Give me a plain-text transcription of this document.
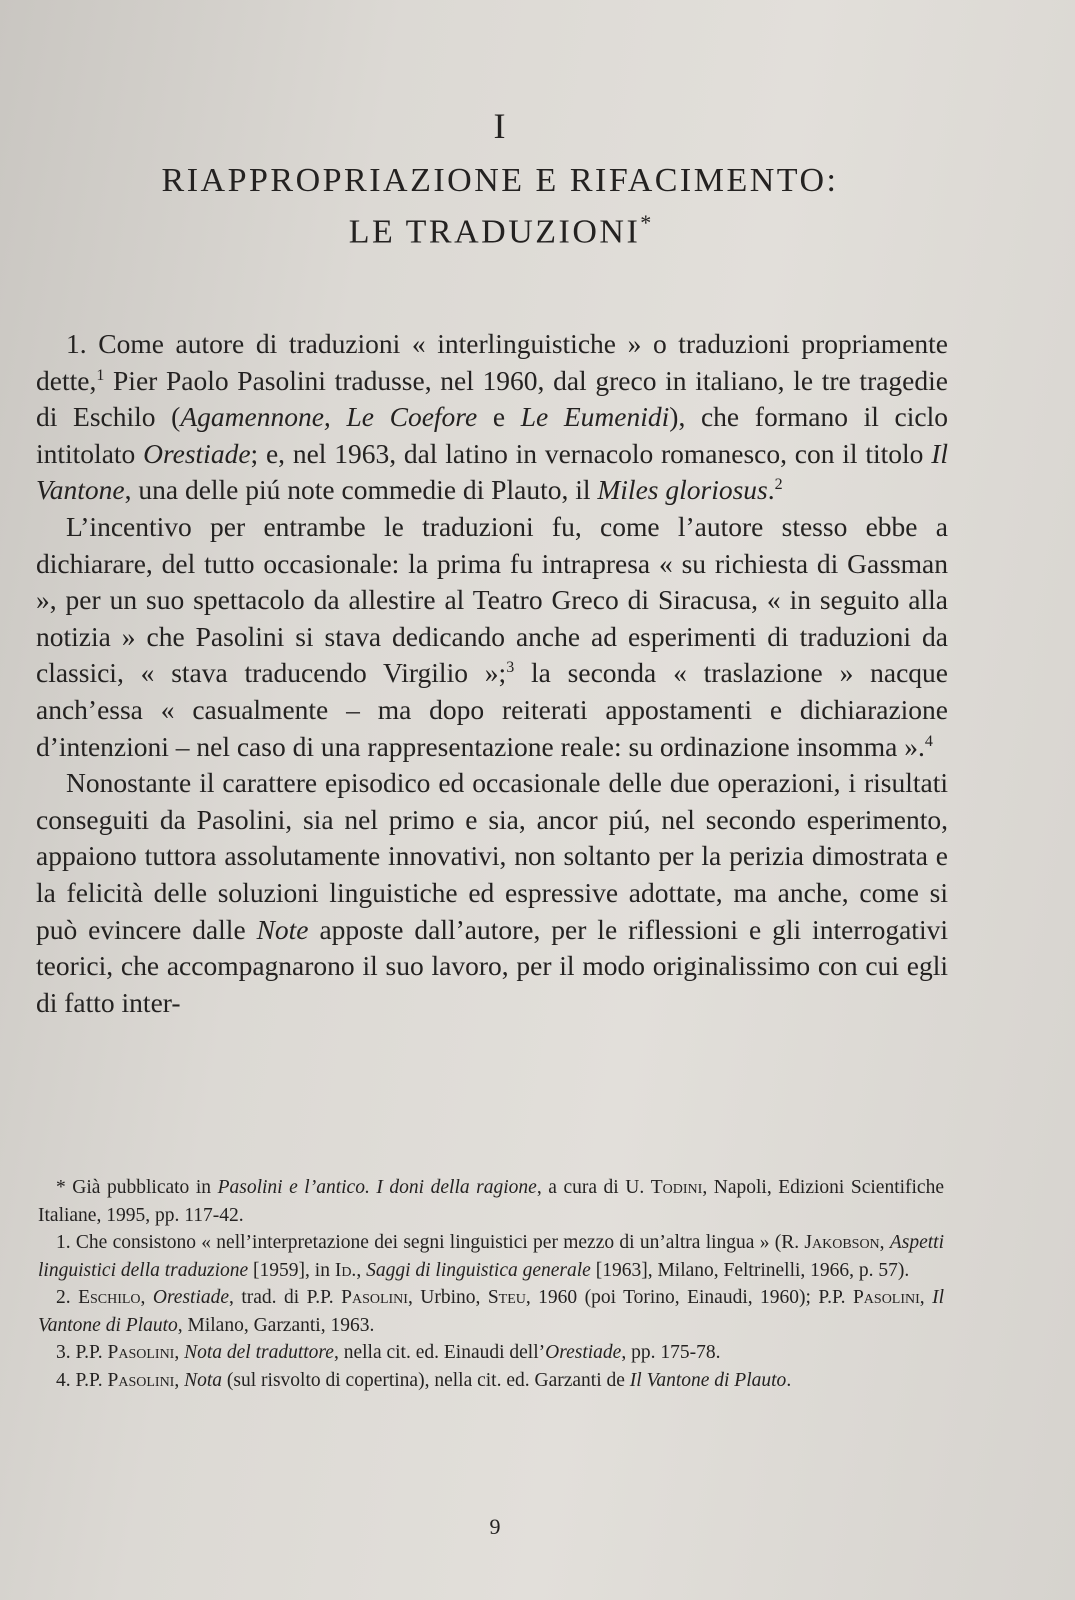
I
RIAPPROPRIAZIONE E RIFACIMENTO:
LE TRADUZIONI*

1. Come autore di traduzioni « interlinguistiche » o traduzioni propriamente dette,$^1$ Pier Paolo Pasolini tradusse, nel 1960, dal greco in italiano, le tre tragedie di Eschilo (Agamennone, Le Coefore e Le Eumenidi), che formano il ciclo intitolato Orestiade; e, nel 1963, dal latino in vernacolo romanesco, con il titolo Il Vantone, una delle piú note commedie di Plauto, il Miles gloriosus.$^2$

L’incentivo per entrambe le traduzioni fu, come l’autore stesso ebbe a dichiarare, del tutto occasionale: la prima fu intrapresa « su richiesta di Gassman », per un suo spettacolo da allestire al Teatro Greco di Siracusa, « in seguito alla notizia » che Pasolini si stava dedicando anche ad esperimenti di traduzioni da classici, « stava traducendo Virgilio »;$^3$ la seconda « traslazione » nacque anch’essa « casualmente – ma dopo reiterati appostamenti e dichiarazione d’intenzioni – nel caso di una rappresentazione reale: su ordinazione insomma ».$^4$

Nonostante il carattere episodico ed occasionale delle due operazioni, i risultati conseguiti da Pasolini, sia nel primo e sia, ancor piú, nel secondo esperimento, appaiono tuttora assolutamente innovativi, non soltanto per la perizia dimostrata e la felicità delle soluzioni linguistiche ed espressive adottate, ma anche, come si può evincere dalle Note apposte dall’autore, per le riflessioni e gli interrogativi teorici, che accompagnarono il suo lavoro, per il modo originalissimo con cui egli di fatto inter-

* Già pubblicato in Pasolini e l’antico. I doni della ragione, a cura di U. Todini, Napoli, Edizioni Scientifiche Italiane, 1995, pp. 117-42.

1. Che consistono « nell’interpretazione dei segni linguistici per mezzo di un’altra lingua » (R. Jakobson, Aspetti linguistici della traduzione [1959], in Id., Saggi di linguistica generale [1963], Milano, Feltrinelli, 1966, p. 57).

2. Eschilo, Orestiade, trad. di P.P. Pasolini, Urbino, Steu, 1960 (poi Torino, Einaudi, 1960); P.P. Pasolini, Il Vantone di Plauto, Milano, Garzanti, 1963.

3. P.P. Pasolini, Nota del traduttore, nella cit. ed. Einaudi dell’Orestiade, pp. 175-78.

4. P.P. Pasolini, Nota (sul risvolto di copertina), nella cit. ed. Garzanti de Il Vantone di Plauto.

9
